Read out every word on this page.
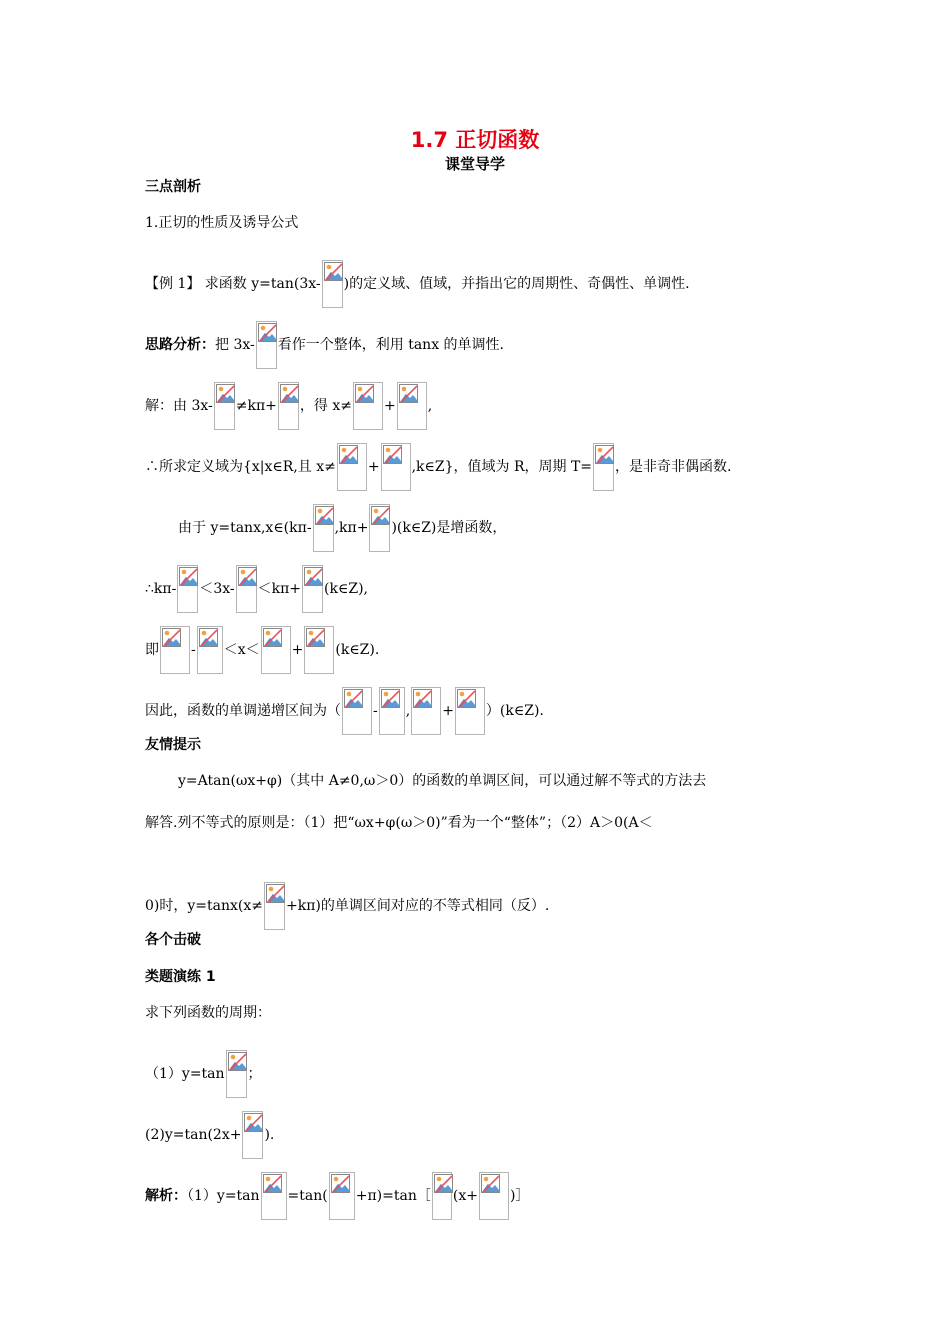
1.7 正切函数
课堂导学
三点剖析
1.正切的性质及诱导公式
【例 1】 求函数 y=tan(3x- )的定义域、值域，并指出它的周期性、奇偶性、单调性.
思路分析：把 3x- 看作一个整体，利用 tanx 的单调性.
解：由 3x- ≠kπ+ ，得 x≠ + ,
∴所求定义域为{x|x∈R,且 x≠ + ,k∈Z}，值域为 R，周期 T= ，是非奇非偶函数.
由于 y=tanx,x∈(kπ- ,kπ+ )(k∈Z)是增函数，
∴kπ- ＜3x- ＜kπ+ (k∈Z),
即 - ＜x＜ + (k∈Z).
因此，函数的单调递增区间为（ - , + ）(k∈Z).
友情提示
y=Atan(ωx+φ)（其中 A≠0,ω＞0）的函数的单调区间，可以通过解不等式的方法去
解答.列不等式的原则是：（1）把“ωx+φ(ω＞0)”看为一个“整体”；（2）A＞0(A＜
0)时，y=tanx(x≠ +kπ)的单调区间对应的不等式相同（反）.
各个击破
类题演练 1
求下列函数的周期：
（1）y=tan ；
(2)y=tan(2x+ ).
解析：（1）y=tan =tan( +π)=tan［ (x+ )］
